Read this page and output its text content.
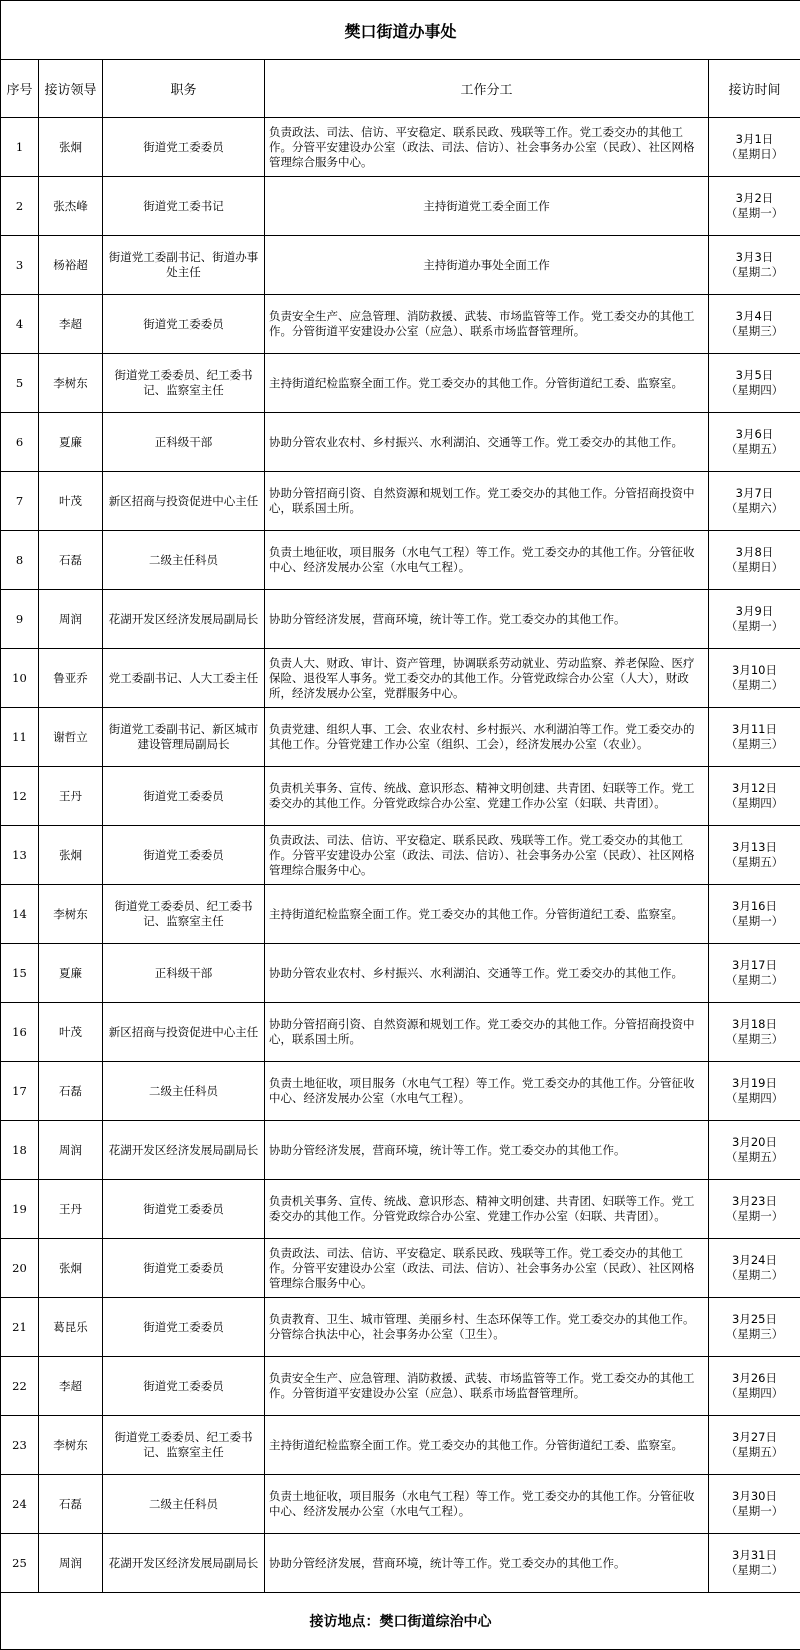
樊口街道办事处				
序号	接访领导	职务	工作分工	接访时间
1	张炯	街道党工委委员	负责政法、司法、信访、平安稳定、联系民政、残联等工作。党工委交办的其他工作。分管平安建设办公室（政法、司法、信访）、社会事务办公室（民政）、社区网格管理综合服务中心。	3月1日
（星期日）

2	张杰峰	街道党工委书记	主持街道党工委全面工作	3月2日
（星期一）

3	杨裕超	街道党工委副书记、街道办事处主任	主持街道办事处全面工作	3月3日
（星期二）

4	李超	街道党工委委员	负责安全生产、应急管理、消防救援、武装、市场监管等工作。党工委交办的其他工作。分管街道平安建设办公室（应急）、联系市场监督管理所。	3月4日
（星期三）

5	李树东	街道党工委委员、纪工委书记、监察室主任	主持街道纪检监察全面工作。党工委交办的其他工作。分管街道纪工委、监察室。	3月5日
（星期四）

6	夏廉	正科级干部	协助分管农业农村、乡村振兴、水利湖泊、交通等工作。党工委交办的其他工作。	3月6日
（星期五）

7	叶茂	新区招商与投资促进中心主任	协助分管招商引资、自然资源和规划工作。党工委交办的其他工作。分管招商投资中心，联系国土所。	3月7日
（星期六）

8	石磊	二级主任科员	负责土地征收，项目服务（水电气工程）等工作。党工委交办的其他工作。分管征收中心、经济发展办公室（水电气工程）。	3月8日
（星期日）

9	周润	花湖开发区经济发展局副局长	协助分管经济发展，营商环境，统计等工作。党工委交办的其他工作。	3月9日
（星期一）

10	鲁亚乔	党工委副书记、人大工委主任	负责人大、财政、审计、资产管理，协调联系劳动就业、劳动监察、养老保险、医疗保险、退役军人事务。党工委交办的其他工作。分管党政综合办公室（人大），财政所，经济发展办公室，党群服务中心。	3月10日
（星期二）

11	谢哲立	街道党工委副书记、新区城市建设管理局副局长	负责党建、组织人事、工会、农业农村、乡村振兴、水利湖泊等工作。党工委交办的其他工作。分管党建工作办公室（组织、工会），经济发展办公室（农业）。	3月11日
（星期三）

12	王丹	街道党工委委员	负责机关事务、宣传、统战、意识形态、精神文明创建、共青团、妇联等工作。党工委交办的其他工作。分管党政综合办公室、党建工作办公室（妇联、共青团）。	3月12日
（星期四）

13	张炯	街道党工委委员	负责政法、司法、信访、平安稳定、联系民政、残联等工作。党工委交办的其他工作。分管平安建设办公室（政法、司法、信访）、社会事务办公室（民政）、社区网格管理综合服务中心。	3月13日
（星期五）

14	李树东	街道党工委委员、纪工委书记、监察室主任	主持街道纪检监察全面工作。党工委交办的其他工作。分管街道纪工委、监察室。	3月16日
（星期一）

15	夏廉	正科级干部	协助分管农业农村、乡村振兴、水利湖泊、交通等工作。党工委交办的其他工作。	3月17日
（星期二）

16	叶茂	新区招商与投资促进中心主任	协助分管招商引资、自然资源和规划工作。党工委交办的其他工作。分管招商投资中心，联系国土所。	3月18日
（星期三）

17	石磊	二级主任科员	负责土地征收，项目服务（水电气工程）等工作。党工委交办的其他工作。分管征收中心、经济发展办公室（水电气工程）。	3月19日
（星期四）

18	周润	花湖开发区经济发展局副局长	协助分管经济发展，营商环境，统计等工作。党工委交办的其他工作。	3月20日
（星期五）

19	王丹	街道党工委委员	负责机关事务、宣传、统战、意识形态、精神文明创建、共青团、妇联等工作。党工委交办的其他工作。分管党政综合办公室、党建工作办公室（妇联、共青团）。	3月23日
（星期一）

20	张炯	街道党工委委员	负责政法、司法、信访、平安稳定、联系民政、残联等工作。党工委交办的其他工作。分管平安建设办公室（政法、司法、信访）、社会事务办公室（民政）、社区网格管理综合服务中心。	3月24日
（星期二）

21	葛昆乐	街道党工委委员	负责教育、卫生、城市管理、美丽乡村、生态环保等工作。党工委交办的其他工作。分管综合执法中心，社会事务办公室（卫生）。	3月25日
（星期三）

22	李超	街道党工委委员	负责安全生产、应急管理、消防救援、武装、市场监管等工作。党工委交办的其他工作。分管街道平安建设办公室（应急）、联系市场监督管理所。	3月26日
（星期四）

23	李树东	街道党工委委员、纪工委书记、监察室主任	主持街道纪检监察全面工作。党工委交办的其他工作。分管街道纪工委、监察室。	3月27日
（星期五）

24	石磊	二级主任科员	负责土地征收，项目服务（水电气工程）等工作。党工委交办的其他工作。分管征收中心、经济发展办公室（水电气工程）。	3月30日
（星期一）

25	周润	花湖开发区经济发展局副局长	协助分管经济发展，营商环境，统计等工作。党工委交办的其他工作。	3月31日
（星期二）

接访地点：樊口街道综治中心				
